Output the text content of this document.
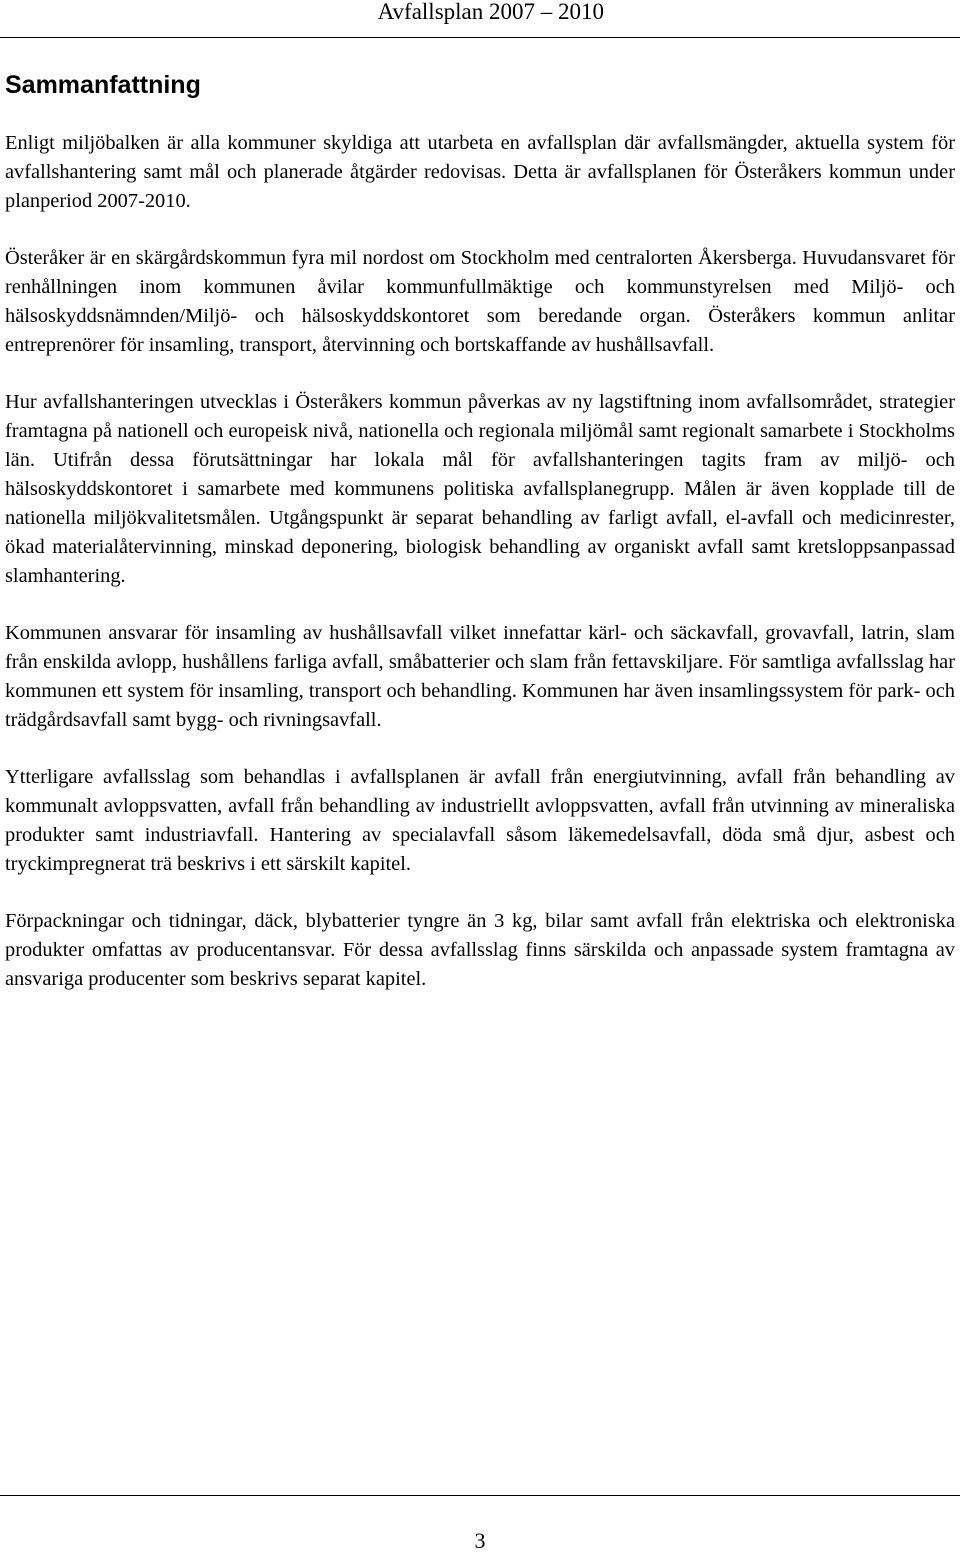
Avfallsplan 2007 – 2010
Sammanfattning

Enligt miljöbalken är alla kommuner skyldiga att utarbeta en avfallsplan där avfallsmängder, aktuella system för avfallshantering samt mål och planerade åtgärder redovisas. Detta är avfallsplanen för Österåkers kommun under planperiod 2007-2010.

Österåker är en skärgårdskommun fyra mil nordost om Stockholm med centralorten Åkersberga. Huvudansvaret för renhållningen inom kommunen åvilar kommunfullmäktige och kommunstyrelsen med Miljö- och hälsoskyddsnämnden/Miljö- och hälsoskyddskontoret som beredande organ. Österåkers kommun anlitar entreprenörer för insamling, transport, återvinning och bortskaffande av hushållsavfall.

Hur avfallshanteringen utvecklas i Österåkers kommun påverkas av ny lagstiftning inom avfallsområdet, strategier framtagna på nationell och europeisk nivå, nationella och regionala miljömål samt regionalt samarbete i Stockholms län. Utifrån dessa förutsättningar har lokala mål för avfallshanteringen tagits fram av miljö- och hälsoskyddskontoret i samarbete med kommunens politiska avfallsplanegrupp. Målen är även kopplade till de nationella miljökvalitetsmålen. Utgångspunkt är separat behandling av farligt avfall, el-avfall och medicinrester, ökad materialåtervinning, minskad deponering, biologisk behandling av organiskt avfall samt kretsloppsanpassad slamhantering.

Kommunen ansvarar för insamling av hushållsavfall vilket innefattar kärl- och säckavfall, grovavfall, latrin, slam från enskilda avlopp, hushållens farliga avfall, småbatterier och slam från fettavskiljare. För samtliga avfallsslag har kommunen ett system för insamling, transport och behandling. Kommunen har även insamlingssystem för park- och trädgårdsavfall samt bygg- och rivningsavfall.

Ytterligare avfallsslag som behandlas i avfallsplanen är avfall från energiutvinning, avfall från behandling av kommunalt avloppsvatten, avfall från behandling av industriellt avloppsvatten, avfall från utvinning av mineraliska produkter samt industriavfall. Hantering av specialavfall såsom läkemedelsavfall, döda små djur, asbest och tryckimpregnerat trä beskrivs i ett särskilt kapitel.

Förpackningar och tidningar, däck, blybatterier tyngre än 3 kg, bilar samt avfall från elektriska och elektroniska produkter omfattas av producentansvar. För dessa avfallsslag finns särskilda och anpassade system framtagna av ansvariga producenter som beskrivs separat kapitel.

3
